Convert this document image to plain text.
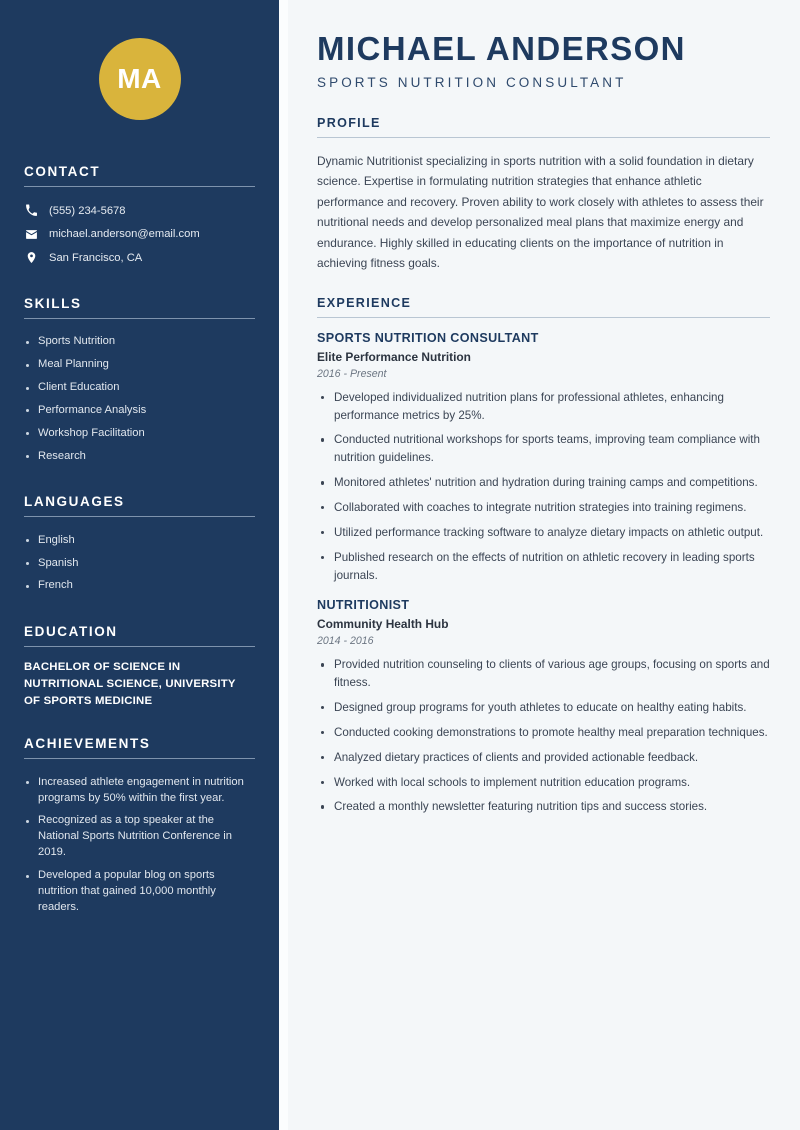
MA
CONTACT
(555) 234-5678
michael.anderson@email.com
San Francisco, CA
SKILLS
Sports Nutrition
Meal Planning
Client Education
Performance Analysis
Workshop Facilitation
Research
LANGUAGES
English
Spanish
French
EDUCATION

BACHELOR OF SCIENCE IN NUTRITIONAL SCIENCE, UNIVERSITY OF SPORTS MEDICINE

ACHIEVEMENTS
Increased athlete engagement in nutrition programs by 50% within the first year.
Recognized as a top speaker at the National Sports Nutrition Conference in 2019.
Developed a popular blog on sports nutrition that gained 10,000 monthly readers.
MICHAEL ANDERSON
SPORTS NUTRITION CONSULTANT
PROFILE

Dynamic Nutritionist specializing in sports nutrition with a solid foundation in dietary science. Expertise in formulating nutrition strategies that enhance athletic performance and recovery. Proven ability to work closely with athletes to assess their nutritional needs and develop personalized meal plans that maximize energy and endurance. Highly skilled in educating clients on the importance of nutrition in achieving fitness goals.

EXPERIENCE
SPORTS NUTRITION CONSULTANT
Elite Performance Nutrition
2016 - Present
Developed individualized nutrition plans for professional athletes, enhancing performance metrics by 25%.
Conducted nutritional workshops for sports teams, improving team compliance with nutrition guidelines.
Monitored athletes' nutrition and hydration during training camps and competitions.
Collaborated with coaches to integrate nutrition strategies into training regimens.
Utilized performance tracking software to analyze dietary impacts on athletic output.
Published research on the effects of nutrition on athletic recovery in leading sports journals.
NUTRITIONIST
Community Health Hub
2014 - 2016
Provided nutrition counseling to clients of various age groups, focusing on sports and fitness.
Designed group programs for youth athletes to educate on healthy eating habits.
Conducted cooking demonstrations to promote healthy meal preparation techniques.
Analyzed dietary practices of clients and provided actionable feedback.
Worked with local schools to implement nutrition education programs.
Created a monthly newsletter featuring nutrition tips and success stories.
